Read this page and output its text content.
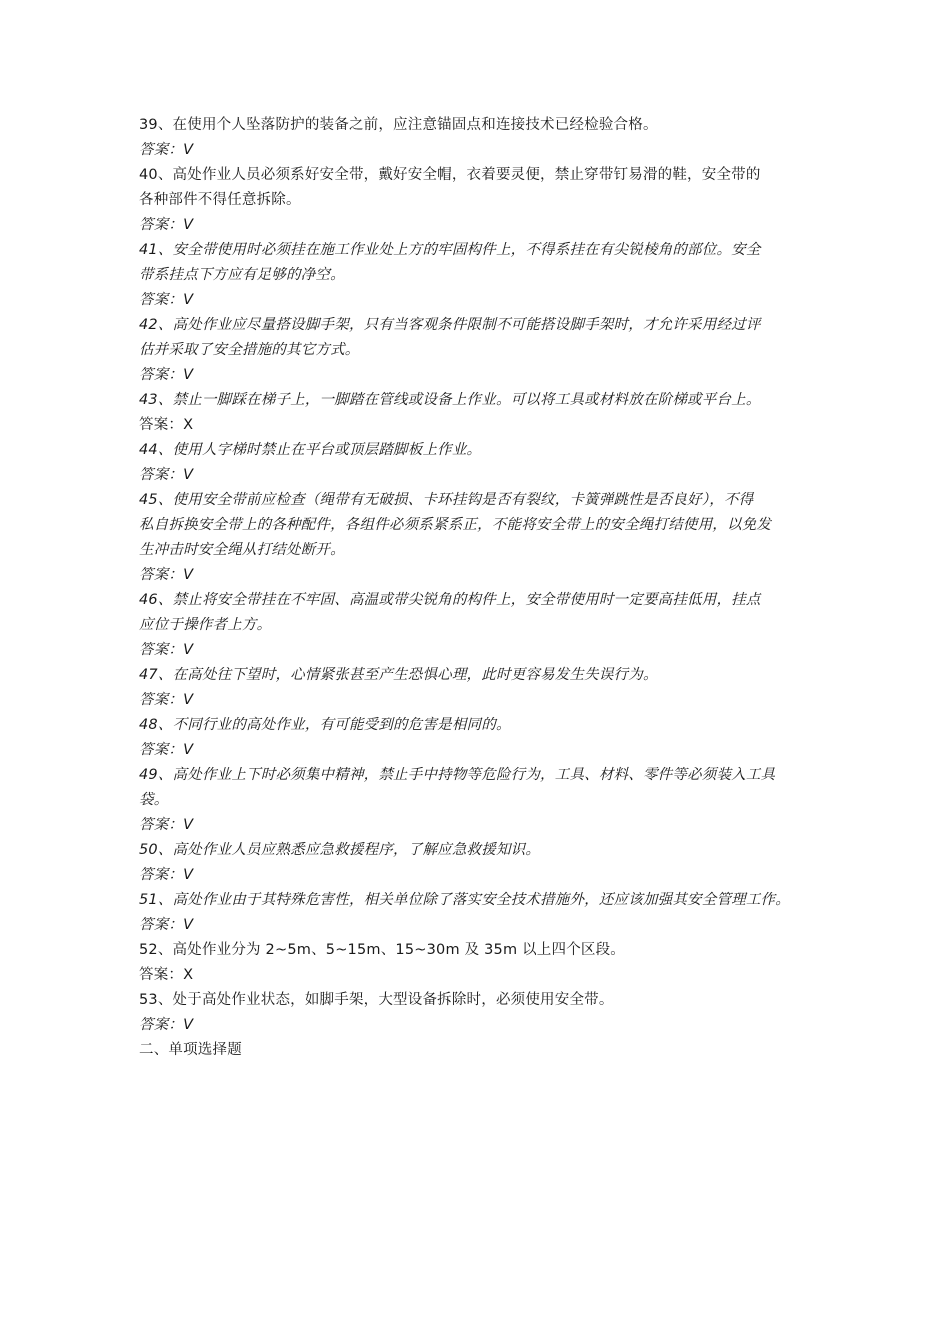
39、在使用个人坠落防护的装备之前，应注意锚固点和连接技术已经检验合格。
答案：V
40、高处作业人员必须系好安全带，戴好安全帽，衣着要灵便，禁止穿带钉易滑的鞋，安全带的
各种部件不得任意拆除。
答案：V
41、安全带使用时必须挂在施工作业处上方的牢固构件上，不得系挂在有尖锐棱角的部位。安全
带系挂点下方应有足够的净空。
答案：V
42、高处作业应尽量搭设脚手架，只有当客观条件限制不可能搭设脚手架时，才允许采用经过评
估并采取了安全措施的其它方式。
答案：V
43、禁止一脚踩在梯子上，一脚踏在管线或设备上作业。可以将工具或材料放在阶梯或平台上。
答案：X
44、使用人字梯时禁止在平台或顶层踏脚板上作业。
答案：V
45、使用安全带前应检查（绳带有无破损、卡环挂钩是否有裂纹，卡簧弹跳性是否良好），不得
私自拆换安全带上的各种配件，各组件必须系紧系正，不能将安全带上的安全绳打结使用，以免发
生冲击时安全绳从打结处断开。
答案：V
46、禁止将安全带挂在不牢固、高温或带尖锐角的构件上，安全带使用时一定要高挂低用，挂点
应位于操作者上方。
答案：V
47、在高处往下望时，心情紧张甚至产生恐惧心理，此时更容易发生失误行为。
答案：V
48、不同行业的高处作业，有可能受到的危害是相同的。
答案：V
49、高处作业上下时必须集中精神，禁止手中持物等危险行为，工具、材料、零件等必须装入工具
袋。
答案：V
50、高处作业人员应熟悉应急救援程序，了解应急救援知识。
答案：V
51、高处作业由于其特殊危害性，相关单位除了落实安全技术措施外，还应该加强其安全管理工作。
答案：V
52、高处作业分为 2~5m、5~15m、15~30m 及 35m 以上四个区段。
答案：X
53、处于高处作业状态，如脚手架，大型设备拆除时，必须使用安全带。
答案：V
二、单项选择题
